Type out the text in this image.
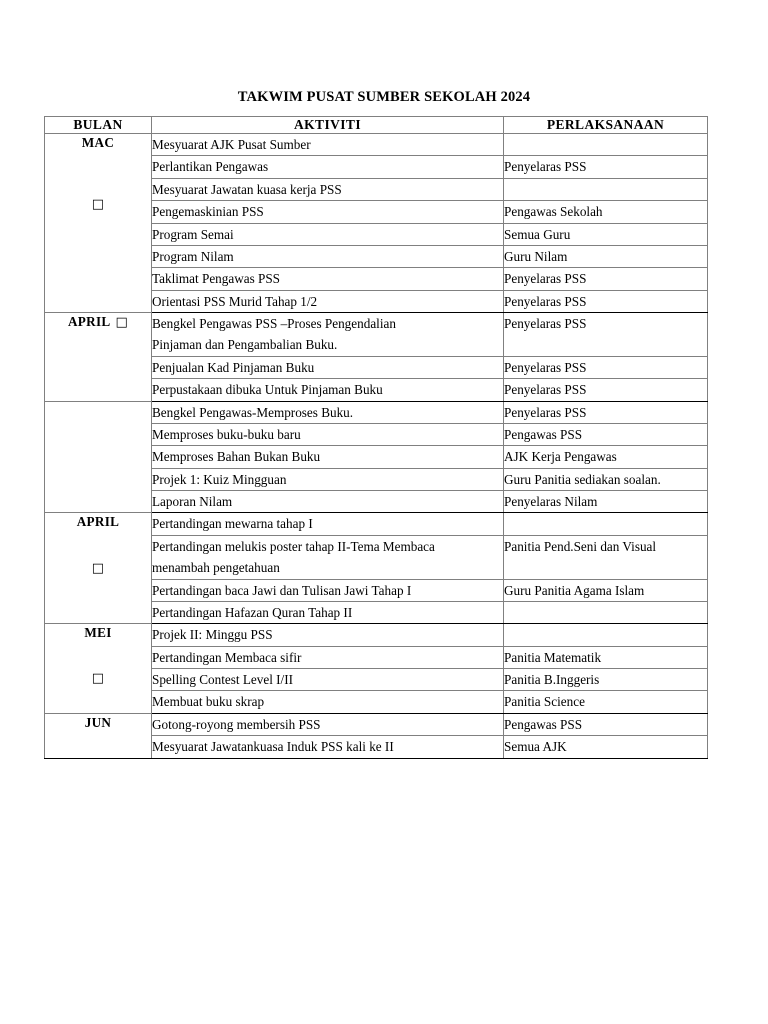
TAKWIM PUSAT SUMBER SEKOLAH 2024
BULAN	AKTIVITI	PERLAKSANAAN

MAC
□	Mesyuarat AJK Pusat Sumber	
	Perlantikan Pengawas	Penyelaras PSS
	Mesyuarat Jawatan kuasa kerja PSS	
	Pengemaskinian PSS	Pengawas Sekolah
	Program Semai	Semua Guru
	Program Nilam	Guru Nilam
	Taklimat Pengawas PSS	Penyelaras PSS
	Orientasi PSS Murid Tahap 1/2	Penyelaras PSS

APRIL □	Bengkel Pengawas PSS –Proses Pengendalian
Pinjaman dan Pengambalian Buku.	Penyelaras PSS
	Penjualan Kad Pinjaman Buku	Penyelaras PSS
	Perpustakaan dibuka Untuk Pinjaman Buku	Penyelaras PSS

	Bengkel Pengawas-Memproses Buku.	Penyelaras PSS
	Memproses buku-buku baru	Pengawas PSS
	Memproses Bahan Bukan Buku	AJK Kerja Pengawas
	Projek 1: Kuiz Mingguan	Guru Panitia sediakan soalan.
	Laporan Nilam	Penyelaras Nilam

APRIL
□	Pertandingan mewarna tahap I	
	Pertandingan melukis poster tahap II-Tema Membaca
menambah pengetahuan	Panitia Pend.Seni dan Visual
	Pertandingan baca Jawi dan Tulisan Jawi Tahap I	Guru Panitia Agama Islam
	Pertandingan Hafazan Quran Tahap II	

MEI
□	Projek II: Minggu PSS	
	Pertandingan Membaca sifir	Panitia Matematik
	Spelling Contest Level I/II	Panitia B.Inggeris
	Membuat buku skrap	Panitia Science

JUN	Gotong-royong membersih PSS	Pengawas PSS
	Mesyuarat Jawatankuasa Induk PSS kali ke II	Semua AJK
